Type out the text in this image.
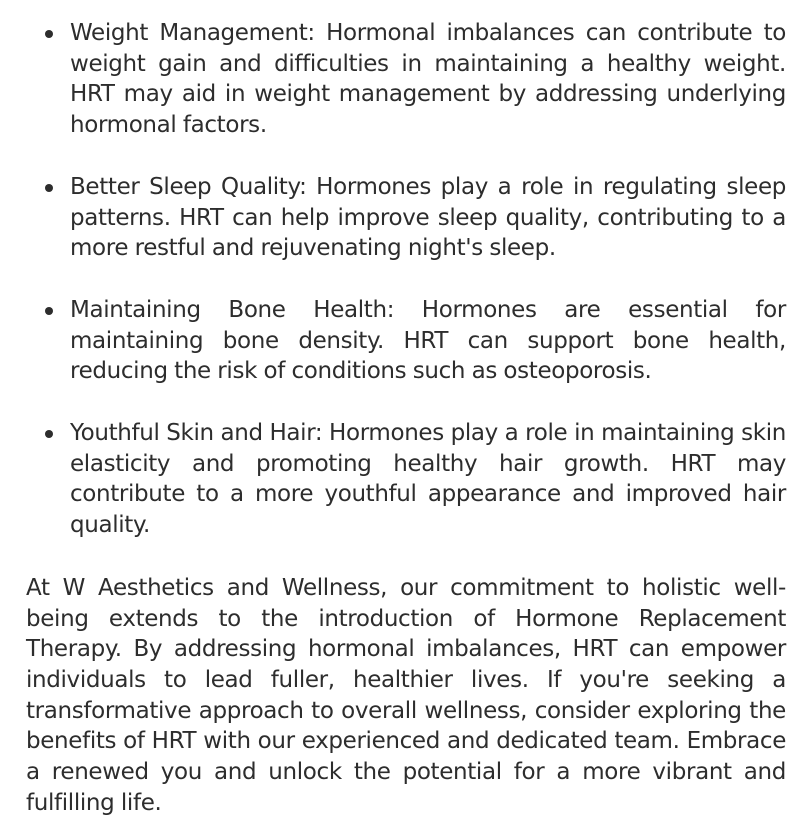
Weight Management: Hormonal imbalances can contribute to weight gain and difficulties in maintaining a healthy weight. HRT may aid in weight management by addressing underlying hormonal factors.
Better Sleep Quality: Hormones play a role in regulating sleep patterns. HRT can help improve sleep quality, contributing to a more restful and rejuvenating night's sleep.
Maintaining Bone Health: Hormones are essential for maintaining bone density. HRT can support bone health, reducing the risk of conditions such as osteoporosis.
Youthful Skin and Hair: Hormones play a role in maintaining skin elasticity and promoting healthy hair growth. HRT may contribute to a more youthful appearance and improved hair quality.

At W Aesthetics and Wellness, our commitment to holistic well-being extends to the introduction of Hormone Replacement Therapy. By addressing hormonal imbalances, HRT can empower individuals to lead fuller, healthier lives. If you're seeking a transformative approach to overall wellness, consider exploring the benefits of HRT with our experienced and dedicated team. Embrace a renewed you and unlock the potential for a more vibrant and fulfilling life.
